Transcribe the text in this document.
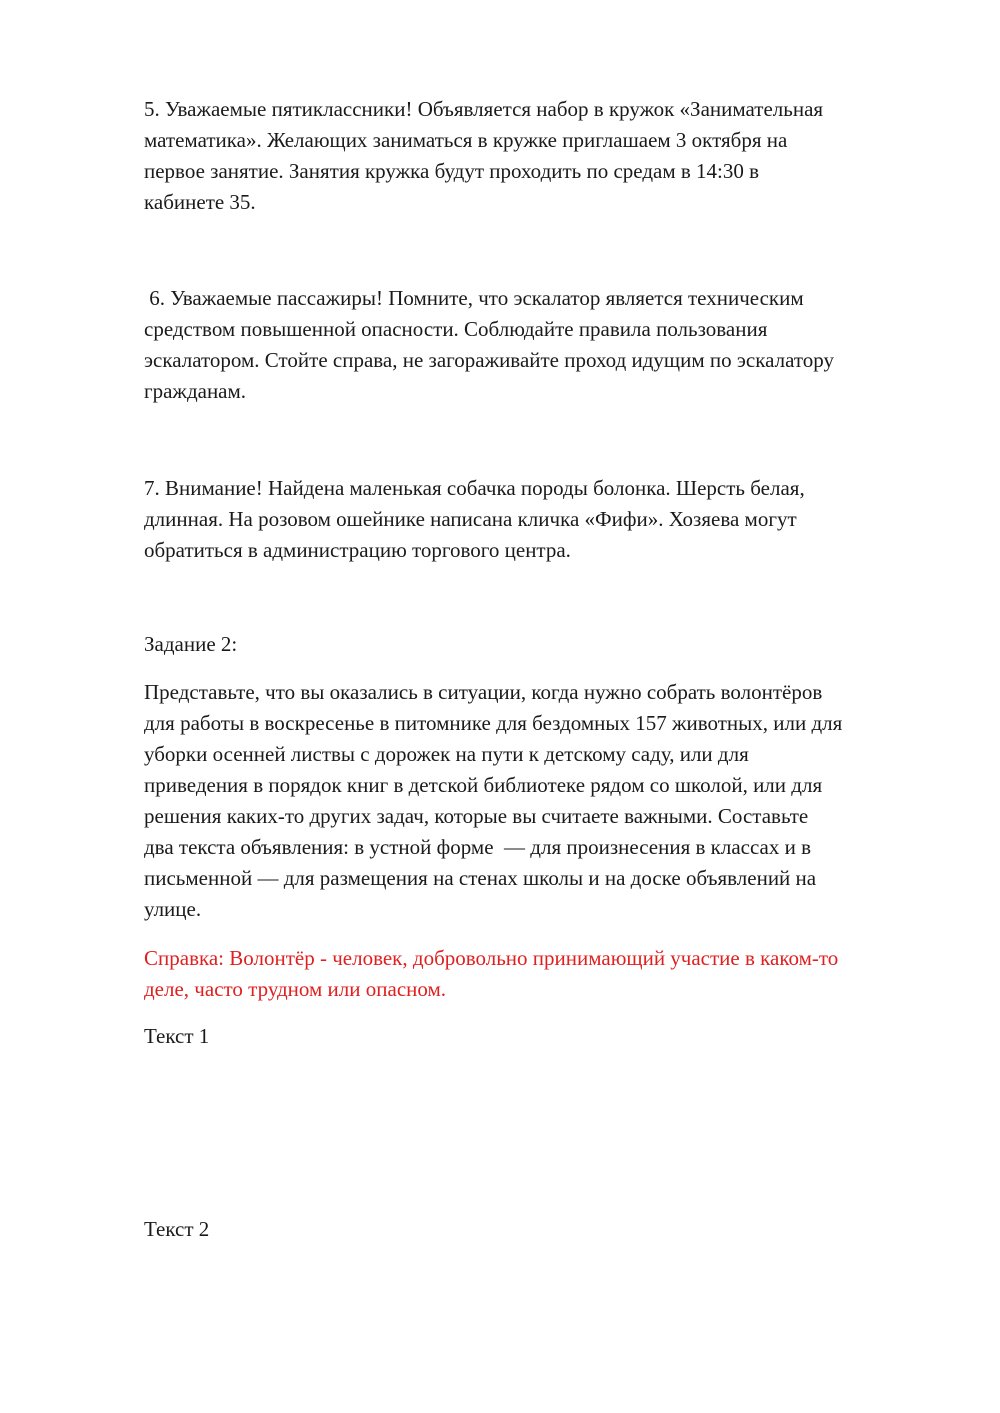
5. Уважаемые пятиклассники! Объявляется набор в кружок «Занимательная
математика». Желающих заниматься в кружке приглашаем 3 октября на
первое занятие. Занятия кружка будут проходить по средам в 14:30 в
кабинете 35.

6. Уважаемые пассажиры! Помните, что эскалатор является техническим
средством повышенной опасности. Соблюдайте правила пользования
эскалатором. Стойте справа, не загораживайте проход идущим по эскалатору
гражданам.

7. Внимание! Найдена маленькая собачка породы болонка. Шерсть белая,
длинная. На розовом ошейнике написана кличка «Фифи». Хозяева могут
обратиться в администрацию торгового центра.

Задание 2:

Представьте, что вы оказались в ситуации, когда нужно собрать волонтёров
для работы в воскресенье в питомнике для бездомных 157 животных, или для
уборки осенней листвы с дорожек на пути к детскому саду, или для
приведения в порядок книг в детской библиотеке рядом со школой, или для
решения каких-то других задач, которые вы считаете важными. Составьте
два текста объявления: в устной форме  — для произнесения в классах и в
письменной — для размещения на стенах школы и на доске объявлений на
улице.

Справка: Волонтёр - человек, добровольно принимающий участие в каком-то
деле, часто трудном или опасном.

Текст 1

Текст 2
